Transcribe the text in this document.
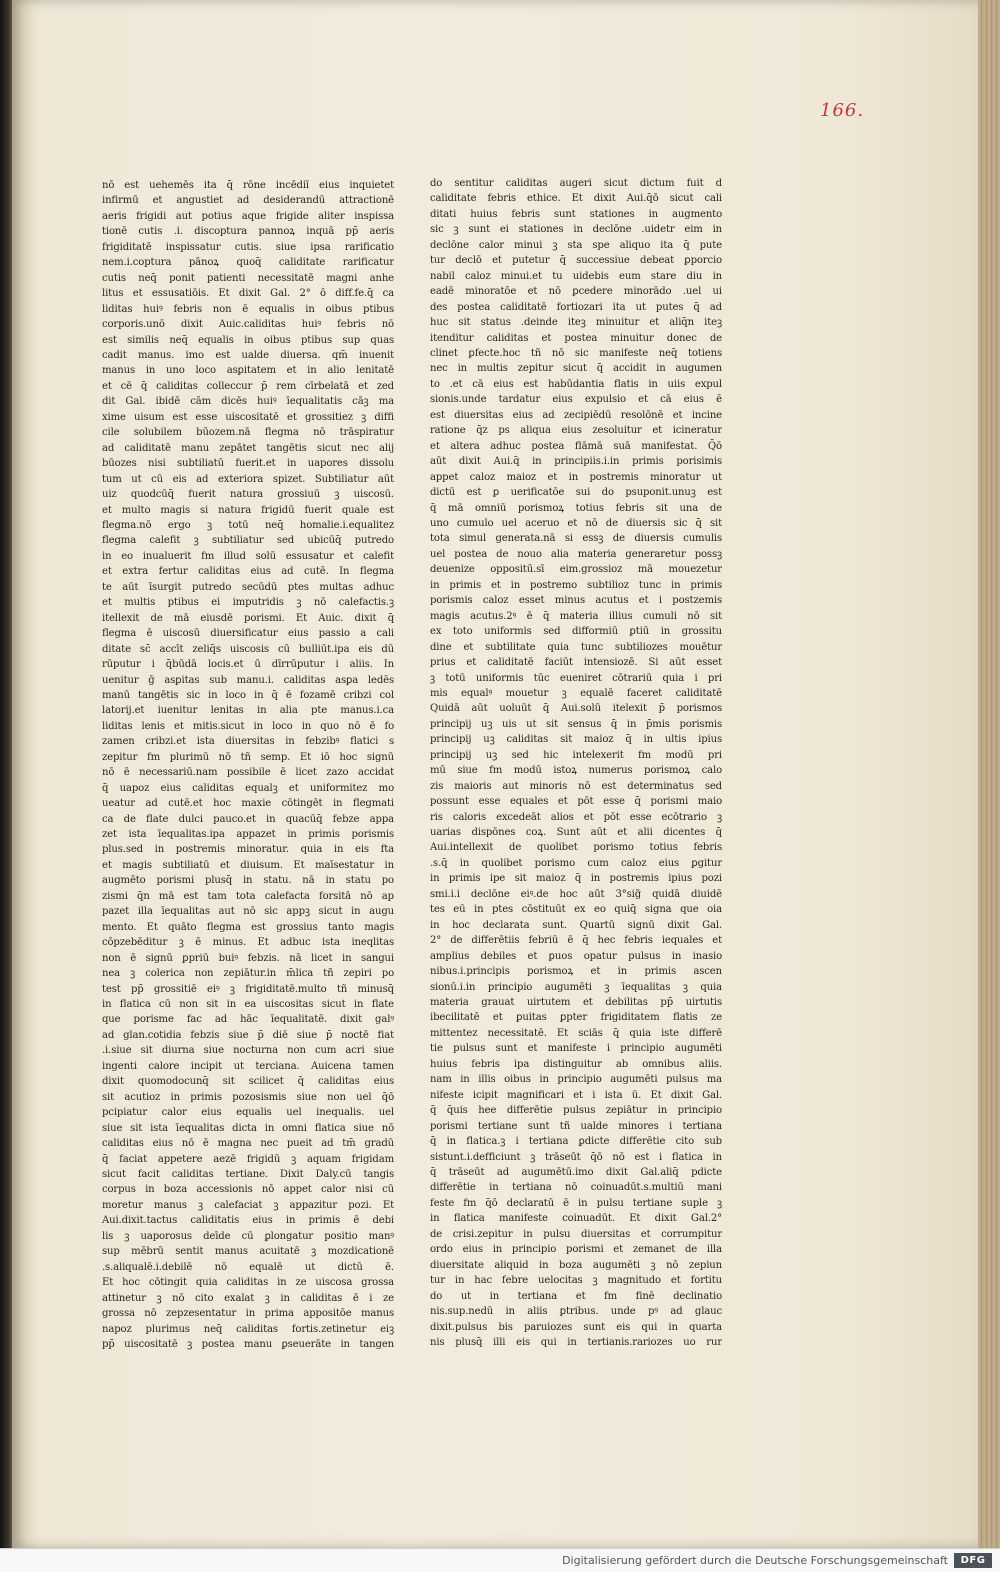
166.
nō est uehemēs ita q̄ rōne incēdiī eius inquietet
infirmū et angustiet ad desiderandū attractionē
aeris frigidi aut potius aque frigide aliter inspissa
tionē cutis .i. discoptura pannoꝝ inquā pp̄ aeris
frigiditatē inspissatur cutis. siue ipsa rarificatio
nem.i.coptura pānoꝝ quoq̄ caliditate rarificatur
cutis neq̄ ponit patienti necessitatē magni anhe
litus et essusatiōis. Et dixit Gal. 2° ō diff.fe.q̄ ca
liditas huiꝰ febris non ē equalis in oibus ptibus
corporis.unō dixit Auic.caliditas huiꝰ febris nō
est similis neq̄ equalis in oibus ptibus sup quas
cadit manus. imo est ualde diuersa. qm̄ inuenit
manus in uno loco asꝑitatem et in alio lenitatē
et cē q̄ caliditas colleccur p̄ rem cīrbelatā et zed
dit Gal. ibidē cām dicēs huiꝰ īequalitatis cāꝫ ma
xime uisum est esse uiscositatē et grossitiez ꝫ diffi
cile solubilem būozem.nā flegma nō trāspiratur
ad caliditatē manu zepātet tangētis sicut nec alij
būozes nisi subtiliatū fuerit.et in uapores dissolu
tum ut cū eis ad exteriora spizet. Subtiliatur aūt
uiz quodcūq̄ fuerit natura grossiuū ꝫ uiscosū.
et multo magis si natura frigidū fuerit quale est
flegma.nō ergo ꝫ totū neq̄ homalie.i.equalitez
flegma calefit ꝫ subtiliatur sed ubicūq̄ putredo
in eo inualuerit fm illud solū essusatur et calefit
et extra fertur caliditas eius ad cutē. In flegma
te aūt īsurgit putredo secūdū ptes multas adhuc
et multis ptibus ei imputridis ꝫ nō calefactis.ꝫ
itellexit de mā eiusdē porismi. Et Auic. dixit q̄
flegma ē uiscosū diuersificatur eius passio a cali
ditate sc̄ accīt zeliq̄s uiscosis cū bulliūt.ipa eis dū
rūputur i q̄būdā locis.et ū dīrrūputur i aliis. In
uenitur ḡ asꝑitas sub manu.i. caliditas asꝑa ledēs
manū tangētis sic in loco in q̄ ē fozamē cribzi col
latorij.et iuenitur lenitas in alia pte manus.i.ca
liditas lenis et mitis.sicut in loco in quo nō ē fo
zamen cribzi.et ista diuersitas in febzibꝰ flatici s
zepitur fm plurimū nō tñ semp. Et iō hoc signū
nō ē necessariū.nam possibile ē licet zazo accidat
q̄ uapoz eius caliditas equalꝫ et uniformitez mo
ueatur ad cutē.et hoc maxie cōtingēt in flegmati
ca de flate dulci pauco.et in quacūq̄ febze appa
zet ista īequalitas.ipa appazet in primis porismis
plus.sed in postremis minoratur. quia in eis fta
et magis subtiliatū et diuisum. Et maīsestatur in
augmēto porismi plusq̄ in statu. nā in statu po
zismi q̄n mā est tam tota calefacta forsitā nō ap
pazet illa īequalitas aut nō sic appꝫ sicut in augu
mento. Et quāto flegma est grossius tanto magis
cōpzebēditur ꝫ ē minus. Et adbuc ista ineqlitas
non ē signū ꝑpriū buiꝰ febzis. nā licet in sangui
nea ꝫ colerica non zepiātur.in m̄lica tñ zepiri po
test pp̄ grossitiē eiꝰ ꝫ frigiditatē.multo tñ minusq̄
in flatica cū non sit in ea uiscositas sicut in flate
que porisme fac ad hāc īequalitatē. dixit galꝰ
ad glan.cotidia febzis siue p̄ diē siue p̄ noctē fiat
.i.siue sit diurna siue nocturna non cum acri siue
ingenti calore incipit ut terciana. Auicena tamen
dixit quomodocunq̄ sit scilicet q̄ caliditas eius
sit acutioz in primis pozosismis siue non uel q̄ō
pcipiatur calor eius equalis uel inequalis. uel
siue sit ista īequalitas dicta in omni flatica siue nō
caliditas eius nō ē magna nec pueit ad tm̄ gradū
q̄ faciat appetere aezē frigidū ꝫ aquam frigidam
sicut facit caliditas tertiane. Dixit Daly.cū tangis
corpus in boza accessionis nō appet calor nisi cū
moretur manus ꝫ calefaciat ꝫ appazitur pozi. Et
Aui.dixit.tactus caliditatis eius in primis ē debi
lis ꝫ uaporosus deīde cū ꝑlongatur positio manꝰ
sup mēbrū sentit manus acuitatē ꝫ mozdicationē
.s.aliqualē.i.debilē nō equalē ut dictū ē.
Et hoc cōtingit quia caliditas in ze uiscosa grossa
attinetur ꝫ nō cito exalat ꝫ in caliditas ē i ze
grossa nō zepzesentatur in prima appositōe manus
napoz plurimus neq̄ caliditas fortis.zetinetur eiꝫ
pp̄ uiscositatē ꝫ postea manu ꝑseuerāte in tangen
do sentitur caliditas augeri sicut dictum fuit d
caliditate febris ethice. Et dixit Aui.q̄ō sicut cali
ditati huius febris sunt stationes in augmento
sic ꝫ sunt ei stationes in declōne .uidetr eim in
declōne calor minui ꝫ sta spe aliquo ita q̄ pute
tur declō et putetur q̄ successiue debeat ꝑporcio
nabil caloz minui.et tu uidebis eum stare diu in
eadē minoratōe et nō ꝑcedere minorādo .uel ui
des postea caliditatē fortiozari ita ut putes q̄ ad
huc sit status .deinde iteꝫ minuitur et aliq̄n iteꝫ
itenditur caliditas et postea minuitur donec de
clinet ꝑfecte.hoc tñ nō sic manifeste neq̄ totiens
nec in multis zepitur sicut q̄ accidit in augumen
to .et cā eius est habūdantia flatis in uiis expul
sionis.unde tardatur eius expulsio et cā eius ē
est diuersitas eius ad zecipiēdū resolōnē et incine
ratione q̄z ps aliqua eius zesoluitur et icineratur
et altera adhuc postea flāmā suā manifestat. Q̄ō
aūt dixit Aui.q̄ in principiis.i.in primis porisimis
appet caloz maioz et in postremis minoratur ut
dictū est ꝑ uerificatōe sui do psuponit.unuꝫ est
q̄ mā omniū porismoꝝ totius febris sit una de
uno cumulo uel aceruo et nō de diuersis sic q̄ sit
tota simul generata.nā si essꝫ de diuersis cumulis
uel postea de nouo alia materia generaretur possꝫ
deuenize oppositū.sī eim.grossioz mā mouezetur
in primis et in postremo subtilioz tunc in primis
porismis caloz esset minus acutus et i postzemis
magis acutus.2ꝰ ē q̄ materia illius cumuli nō sit
ex toto uniformis sed difformiū ꝑtiū in grossitu
dine et subtilitate quia tunc subtiliozes mouētur
prius et caliditatē faciūt intensiozē. Si aūt esset
ꝫ totū uniformis tūc eueniret cōtrariū quia i pri
mis equalꝰ mouetur ꝫ equalē faceret caliditatē
Quidā aūt uoluūt q̄ Aui.solū itelexit p̄ porismos
principij uꝫ uis ut sit sensus q̄ in p̄mis porismis
principij uꝫ caliditas sit maioz q̄ in ultis ipius
principij uꝫ sed hic intelexerit fm modū pri
mū siue fm modū istoꝝ numerus porismoꝝ calo
zis maioris aut minoris nō est determinatus sed
possunt esse equales et pōt esse q̄ porismi maio
ris caloris excedeāt alios et pōt esse ecōtrario ꝫ
uarias dispōnes coꝝ. Sunt aūt et alii dicentes q̄
Aui.intellexit de quolibet porismo totius febris
.s.q̄ in quolibet porismo cum caloz eius ꝑgitur
in primis ipe sit maioz q̄ in postremis ipius pozi
smi.i.i declōne eiꝰ.de hoc aūt 3°sig̃ quidā diuidē
tes eū in ptes cōstituūt ex eo quiq̄ signa que oia
in hoc declarata sunt. Quartū signū dixit Gal.
2° de differētiis febriū ē q̄ hec febris iequales et
amplius debiles et ꝑuos opatur pulsus in inasio
nibus.i.principis porismoꝝ et in primis ascen
sionū.i.in principio augumēti ꝫ īequalitas ꝫ quia
materia grauat uirtutem et debilitas pp̄ uirtutis
ibecilitatē et ꝑuitas ꝑpter frigiditatem flatis ze
mittentez necessitatē. Et sciās q̄ quia iste differē
tie pulsus sunt et manifeste i principio augumēti
huius febris ipa distinguitur ab omnibus aliis.
nam in illis oibus in principio augumēti pulsus ma
nifeste icipit magnificari et i ista ū. Et dixit Gal.
q̄ q̄uis hee differētie pulsus zepiātur in principio
porismi tertiane sunt tñ ualde minores i tertiana
q̄ in flatica.ꝫ i tertiana ꝑdicte differētie cito sub
sistunt.i.defficiunt ꝫ trāseūt q̄ō nō est i flatica in
q̄ trāseūt ad augumētū.imo dixit Gal.aliq̄ pdicte
differētie in tertiana nō coinuadūt.s.multiū mani
feste fm q̄ō declaratū ē in pulsu tertiane suple ꝫ
in flatica manifeste coinuadūt. Et dixit Gal.2°
de crisi.zepitur in pulsu diuersitas et corrumpitur
ordo eius in principio porismi et zemanet de illa
diuersitate aliquid in boza augumēti ꝫ nō zepiun
tur in hac febre uelocitas ꝫ magnitudo et fortitu
do ut in tertiana et fm finē declinatio
nis.sup.nedū in aliis ꝑtribus. unde pꝰ ad glauc
dixit.pulsus bis paruiozes sunt eis qui in quarta
nis plusq̄ illi eis qui in tertianis.rariozes uo rur
Digitalisierung gefördert durch die Deutsche Forschungsgemeinschaft	DFG
